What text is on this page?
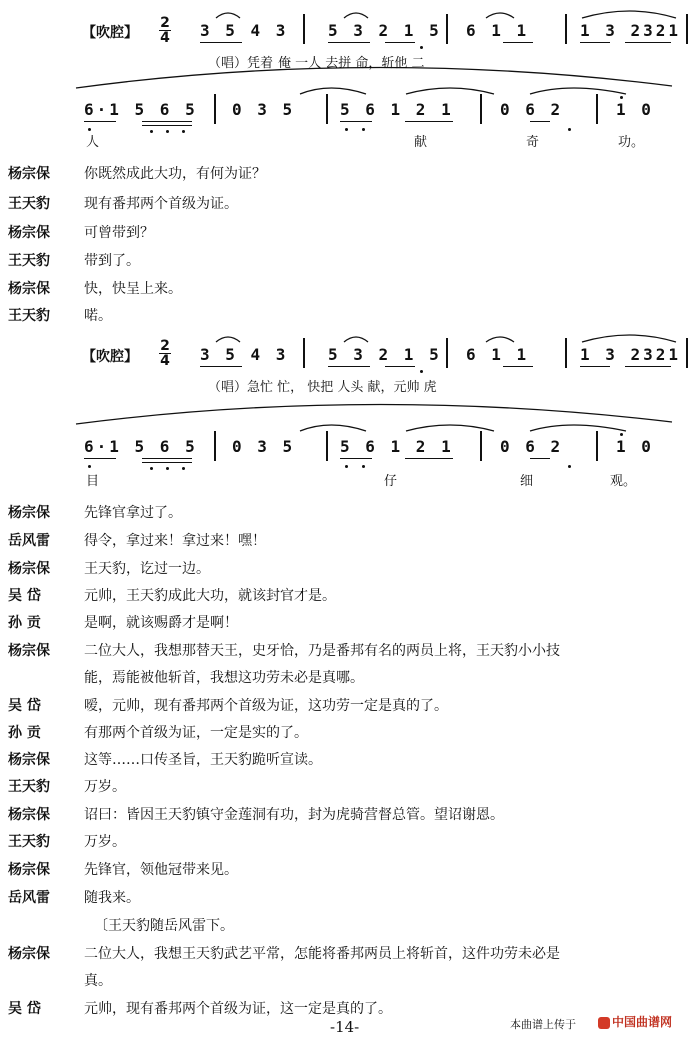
【吹腔】
2
4 3 5 4 3 5 3 2 1 5 6 1 1	1 3 2321
（唱）凭着 俺 一人 去拼 命，斩他 二
6·1 5 6 5 0 3 5	5 6 1 2 1	0 6 2	1 0
人	献	奇	功。
杨宗保	你既然成此大功，有何为证？
王天豹	现有番邦两个首级为证。
杨宗保	可曾带到？
王天豹	带到了。
杨宗保	快，快呈上来。
王天豹	喏。
【吹腔】
2
4 3 5 4 3 5 3 2 1 5 6 1 1	1 3 2321
（唱）急忙 忙， 快把 人头 献，元帅 虎
6·1 5 6 5 0 3 5	5 6 1 2 1	0 6 2	1 0
目	仔	细	观。
杨宗保	先锋官拿过了。
岳风雷	得令，拿过来！拿过来！嘿！
杨宗保	王天豹，讫过一边。
吴 岱	元帅，王天豹成此大功，就该封官才是。
孙 贡	是啊，就该赐爵才是啊！
杨宗保	二位大人，我想那替天王，史牙恰，乃是番邦有名的两员上将，王天豹小小技
能，焉能被他斩首，我想这功劳未必是真哪。
吴 岱	嗳，元帅，现有番邦两个首级为证，这功劳一定是真的了。
孙 贡	有那两个首级为证，一定是实的了。
杨宗保	这等……口传圣旨，王天豹跪听宣读。
王天豹	万岁。
杨宗保	诏曰：皆因王天豹镇守金莲洞有功，封为虎骑营督总管。望诏谢恩。
王天豹	万岁。
杨宗保	先锋官，领他冠带来见。
岳风雷	随我来。
〔王天豹随岳风雷下。
杨宗保	二位大人，我想王天豹武艺平常，怎能将番邦两员上将斩首，这件功劳未必是
真。
吴 岱	元帅，现有番邦两个首级为证，这一定是真的了。
-14-	本曲谱上传于	中国曲谱网
